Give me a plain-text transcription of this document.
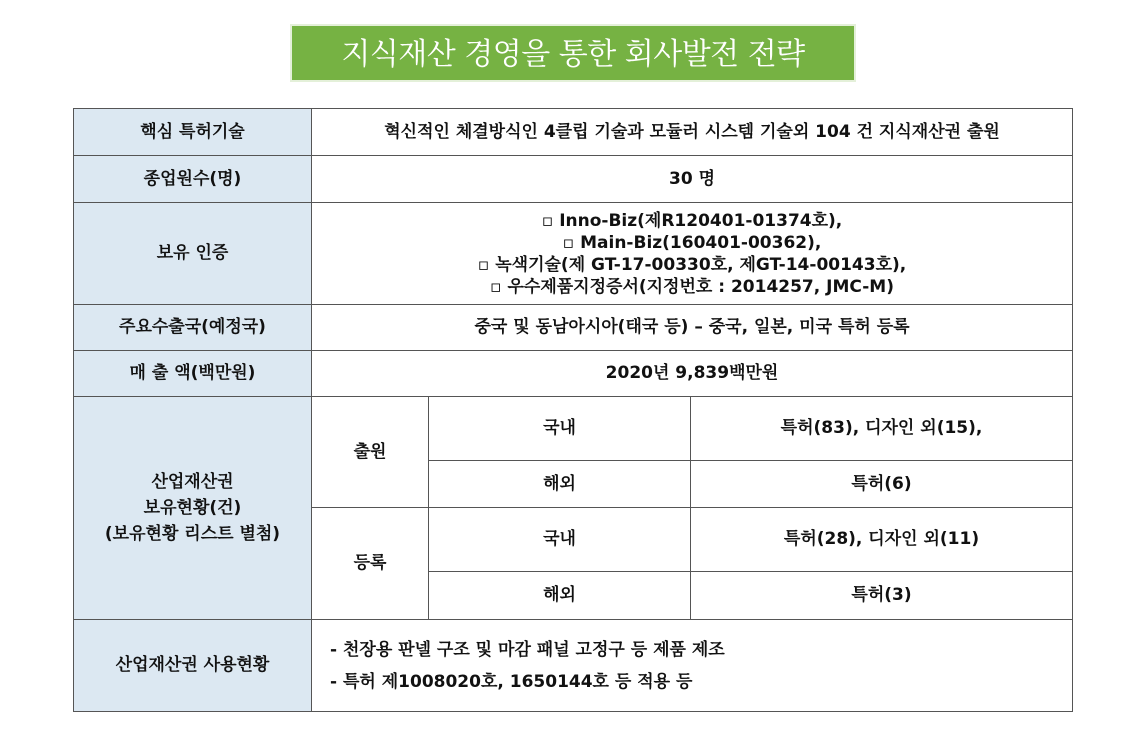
지식재산 경영을 통한 회사발전 전략
핵심 특허기술	혁신적인 체결방식인 4클립 기술과 모듈러 시스템 기술외 104 건 지식재산권 출원		
종업원수(명)	30 명		
보유 인증	▫ Inno-Biz(제R120401-01374호),
▫ Main-Biz(160401-00362),
▫ 녹색기술(제 GT-17-00330호, 제GT-14-00143호),
▫ 우수제품지정증서(지정번호 : 2014257, JMC-M)		

주요수출국(예정국)	중국 및 동남아시아(태국 등) – 중국, 일본, 미국 특허 등록		
매 출 액(백만원)	2020년 9,839백만원		

산업재산권
보유현황(건)
(보유현황 리스트 별첨)	출원	국내	특허(83), 디자인 외(15),
		해외	특허(6)
	등록	국내	특허(28), 디자인 외(11)
		해외	특허(3)
산업재산권 사용현황	- 천장용 판넬 구조 및 마감 패널 고정구 등 제품 제조
- 특허 제1008020호, 1650144호 등 적용 등		
